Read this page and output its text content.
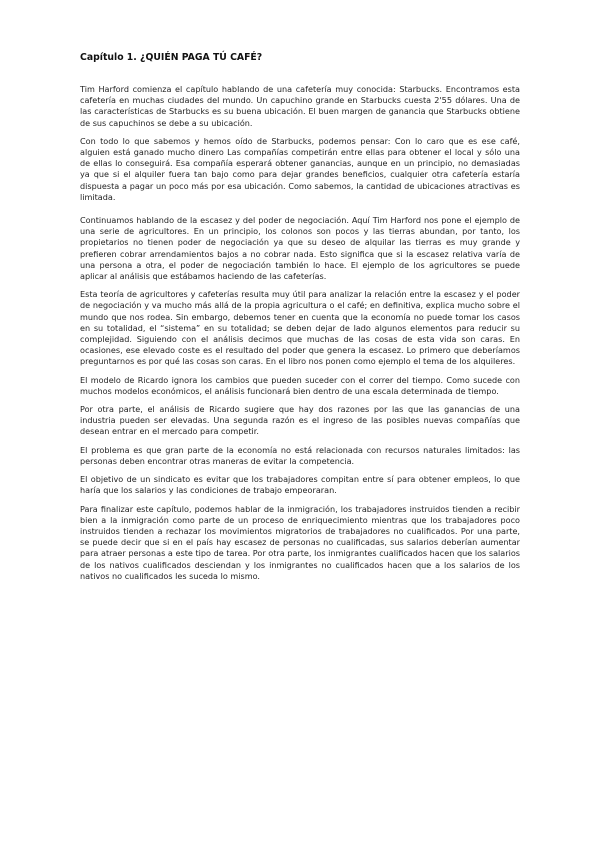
Capítulo 1. ¿QUIÉN PAGA TÚ CAFÉ?

Tim Harford comienza el capítulo hablando de una cafetería muy conocida: Starbucks. Encontramos esta cafetería en muchas ciudades del mundo. Un capuchino grande en Starbucks cuesta 2'55 dólares. Una de las características de Starbucks es su buena ubicación. El buen margen de ganancia que Starbucks obtiene de sus capuchinos se debe a su ubicación.

Con todo lo que sabemos y hemos oído de Starbucks, podemos pensar: Con lo caro que es ese café, alguien está ganado mucho dinero Las compañías competirán entre ellas para obtener el local y sólo una de ellas lo conseguirá. Esa compañía esperará obtener ganancias, aunque en un principio, no demasiadas ya que si el alquiler fuera tan bajo como para dejar grandes beneficios, cualquier otra cafetería estaría dispuesta a pagar un poco más por esa ubicación. Como sabemos, la cantidad de ubicaciones atractivas es limitada.

Continuamos hablando de la escasez y del poder de negociación. Aquí Tim Harford nos pone el ejemplo de una serie de agricultores. En un principio, los colonos son pocos y las tierras abundan, por tanto, los propietarios no tienen poder de negociación ya que su deseo de alquilar las tierras es muy grande y prefieren cobrar arrendamientos bajos a no cobrar nada. Esto significa que si la escasez relativa varía de una persona a otra, el poder de negociación también lo hace. El ejemplo de los agricultores se puede aplicar al análisis que estábamos haciendo de las cafeterías.

Esta teoría de agricultores y cafeterías resulta muy útil para analizar la relación entre la escasez y el poder de negociación y va mucho más allá de la propia agricultura o el café; en definitiva, explica mucho sobre el mundo que nos rodea. Sin embargo, debemos tener en cuenta que la economía no puede tomar los casos en su totalidad, el “sistema” en su totalidad; se deben dejar de lado algunos elementos para reducir su complejidad. Siguiendo con el análisis decimos que muchas de las cosas de esta vida son caras. En ocasiones, ese elevado coste es el resultado del poder que genera la escasez. Lo primero que deberíamos preguntarnos es por qué las cosas son caras. En el libro nos ponen como ejemplo el tema de los alquileres.

El modelo de Ricardo ignora los cambios que pueden suceder con el correr del tiempo. Como sucede con muchos modelos económicos, el análisis funcionará bien dentro de una escala determinada de tiempo.

Por otra parte, el análisis de Ricardo sugiere que hay dos razones por las que las ganancias de una industria pueden ser elevadas. Una segunda razón es el ingreso de las posibles nuevas compañías que desean entrar en el mercado para competir.

El problema es que gran parte de la economía no está relacionada con recursos naturales limitados: las personas deben encontrar otras maneras de evitar la competencia.

El objetivo de un sindicato es evitar que los trabajadores compitan entre sí para obtener empleos, lo que haría que los salarios y las condiciones de trabajo empeoraran.

Para finalizar este capítulo, podemos hablar de la inmigración, los trabajadores instruidos tienden a recibir bien a la inmigración como parte de un proceso de enriquecimiento mientras que los trabajadores poco instruidos tienden a rechazar los movimientos migratorios de trabajadores no cualificados. Por una parte, se puede decir que si en el país hay escasez de personas no cualificadas, sus salarios deberían aumentar para atraer personas a este tipo de tarea. Por otra parte, los inmigrantes cualificados hacen que los salarios de los nativos cualificados desciendan y los inmigrantes no cualificados hacen que a los salarios de los nativos no cualificados les suceda lo mismo.
